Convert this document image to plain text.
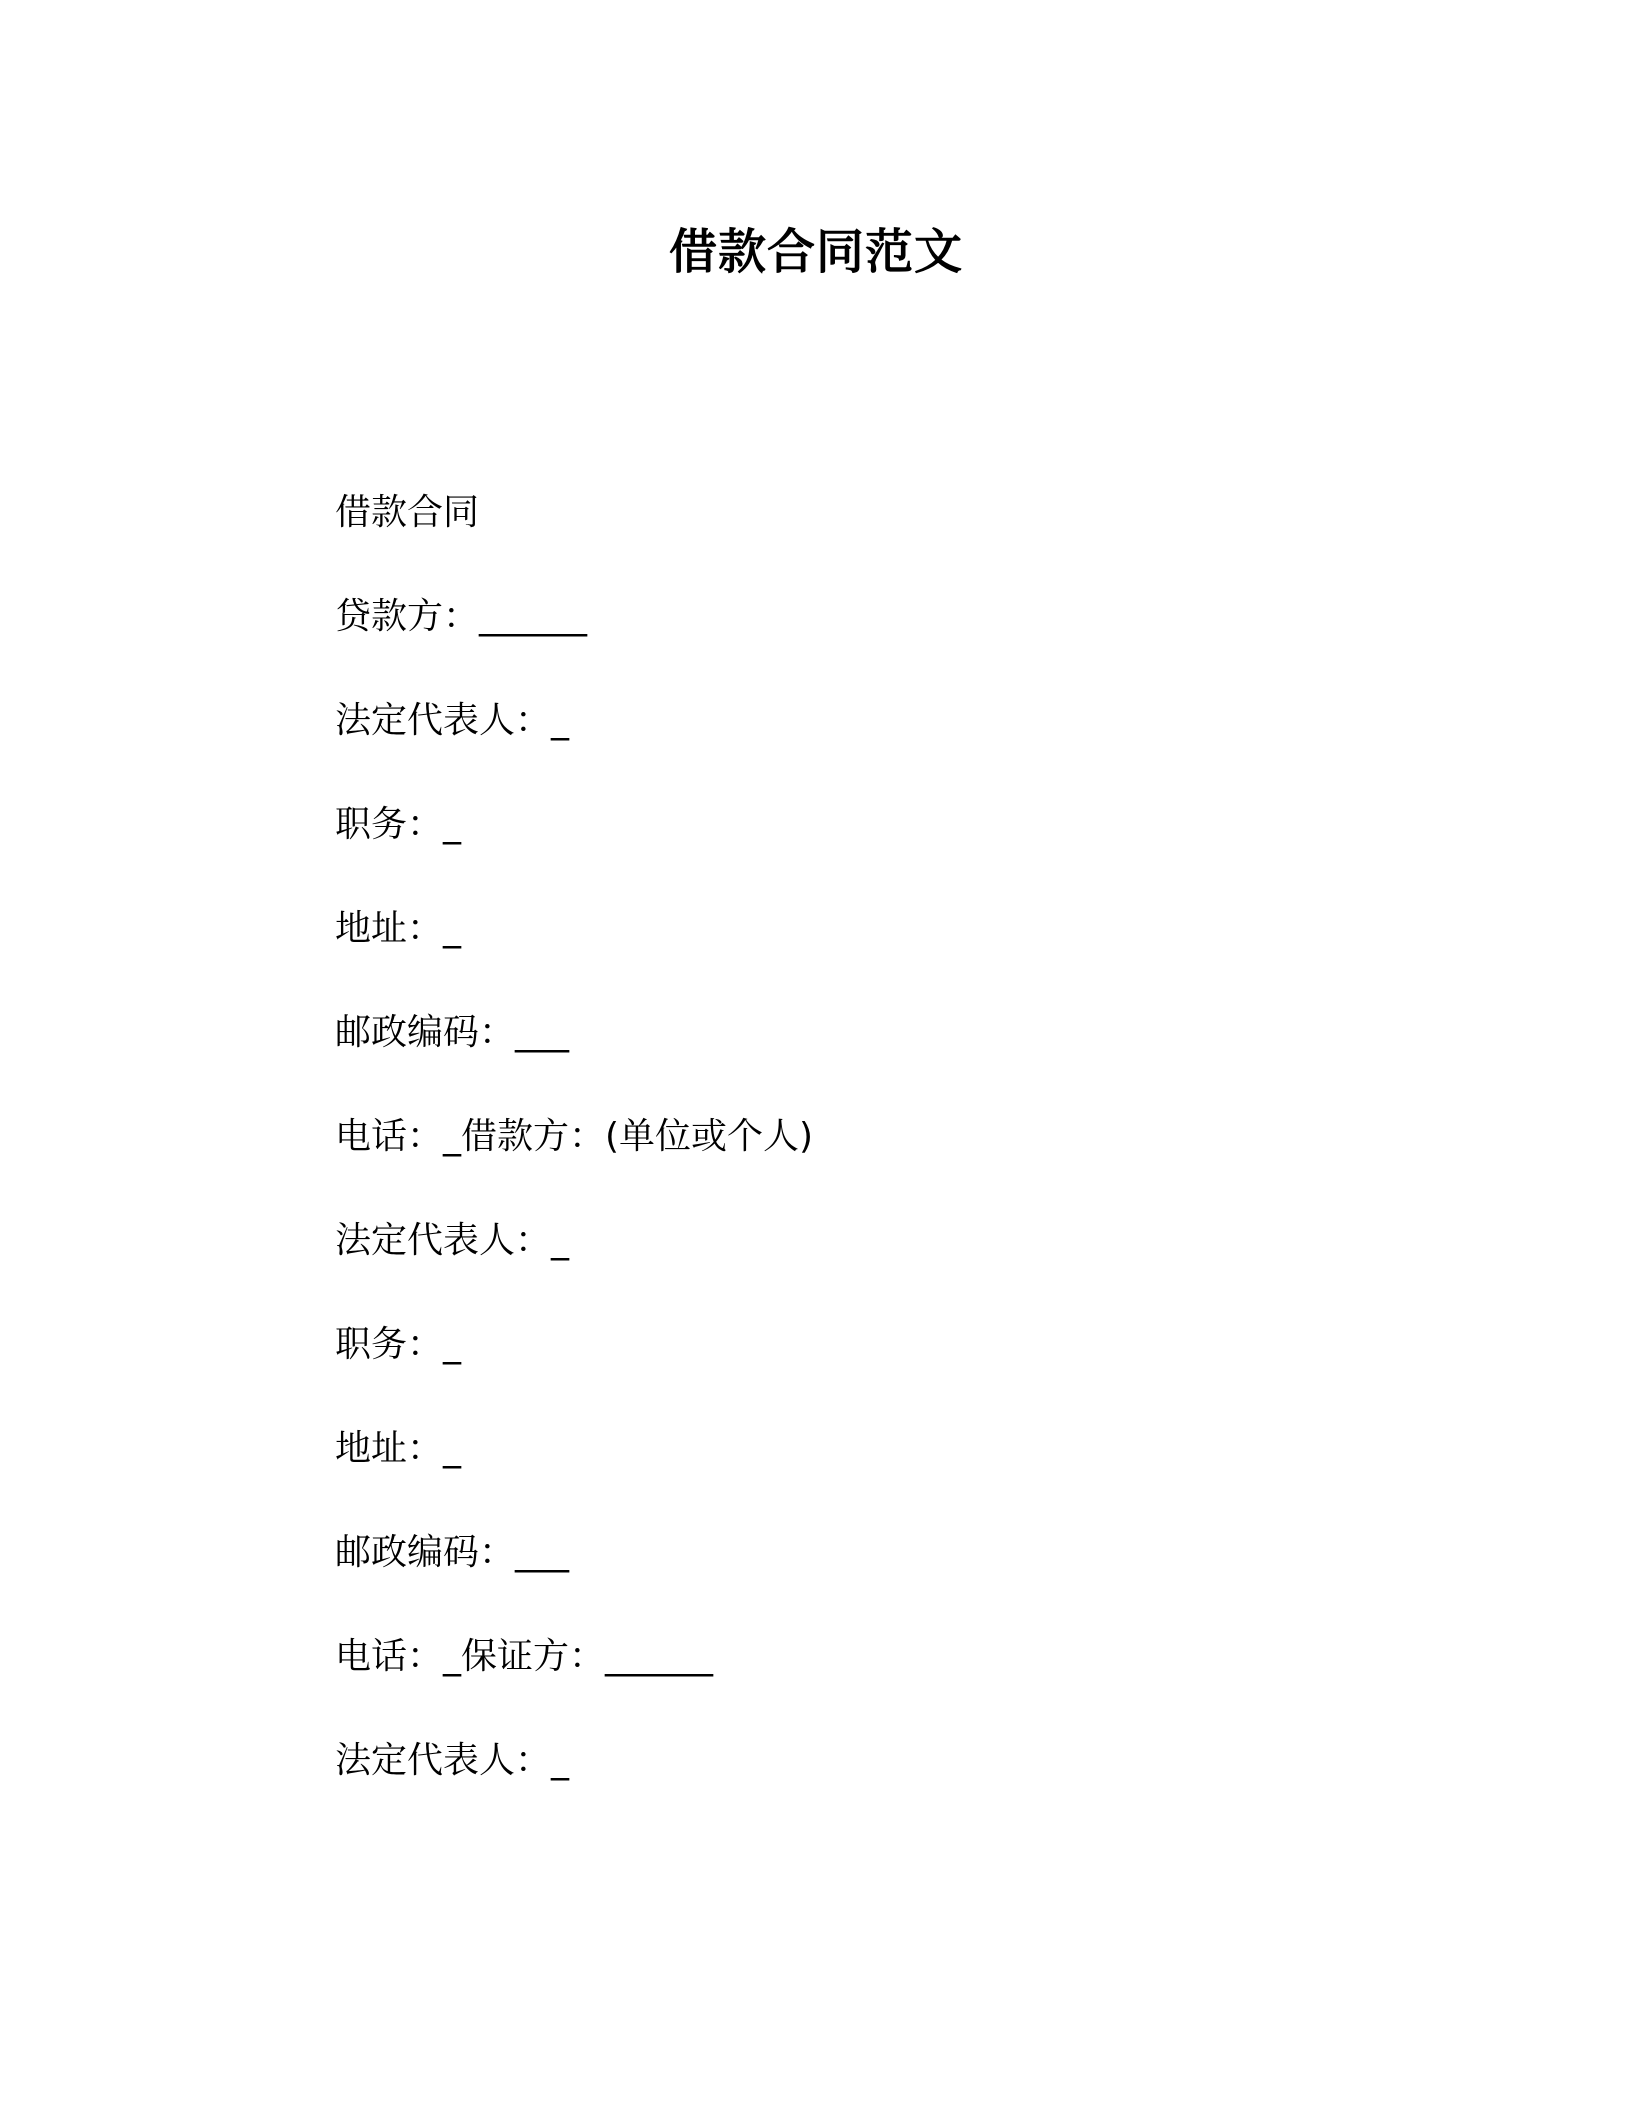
借款合同范文
借款合同
贷款方：______
法定代表人：_
职务：_
地址：_
邮政编码：___
电话：_借款方：(单位或个人)
法定代表人：_
职务：_
地址：_
邮政编码：___
电话：_保证方：______
法定代表人：_
